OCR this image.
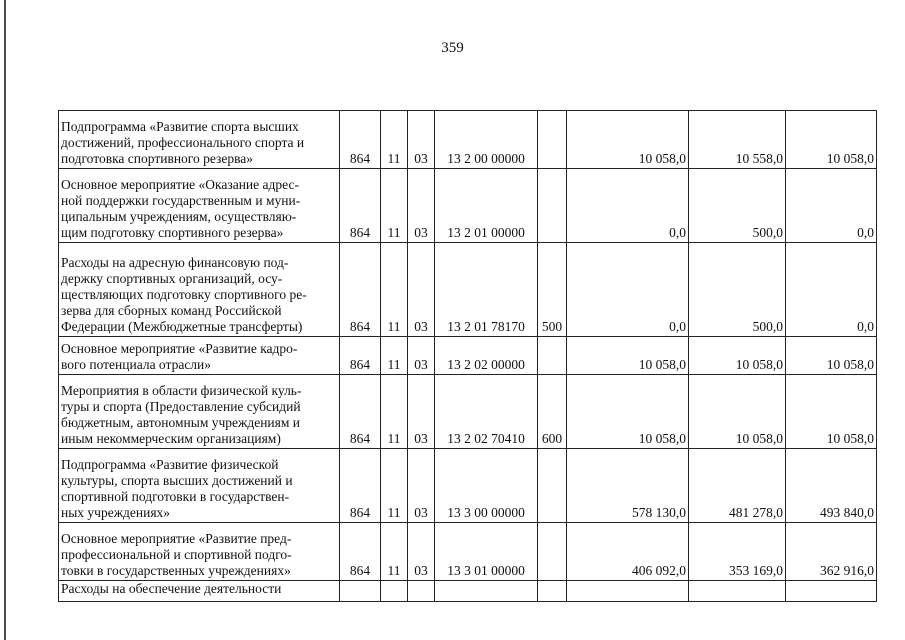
359
Подпрограмма «Развитие спорта высших
достижений, профессионального спорта и
подготовка спортивного резерва»	864	11	03	13 2 00 00000		10 058,0	10 558,0	10 058,0

Основное мероприятие «Оказание адрес-
ной поддержки государственным и муни-
ципальным учреждениям, осуществляю-
щим подготовку спортивного резерва»	864	11	03	13 2 01 00000		0,0	500,0	0,0

Расходы на адресную финансовую под-
держку спортивных организаций, осу-
ществляющих подготовку спортивного ре-
зерва для сборных команд Российской
Федерации (Межбюджетные трансферты)	864	11	03	13 2 01 78170	500	0,0	500,0	0,0

Основное мероприятие «Развитие кадро-
вого потенциала отрасли»	864	11	03	13 2 02 00000		10 058,0	10 058,0	10 058,0

Мероприятия в области физической куль-
туры и спорта (Предоставление субсидий
бюджетным, автономным учреждениям и
иным некоммерческим организациям)	864	11	03	13 2 02 70410	600	10 058,0	10 058,0	10 058,0

Подпрограмма «Развитие физической
культуры, спорта высших достижений и
спортивной подготовки в государствен-
ных учреждениях»	864	11	03	13 3 00 00000		578 130,0	481 278,0	493 840,0

Основное мероприятие «Развитие пред-
профессиональной и спортивной подго-
товки в государственных учреждениях»	864	11	03	13 3 01 00000		406 092,0	353 169,0	362 916,0

Расходы на обеспечение деятельности								
